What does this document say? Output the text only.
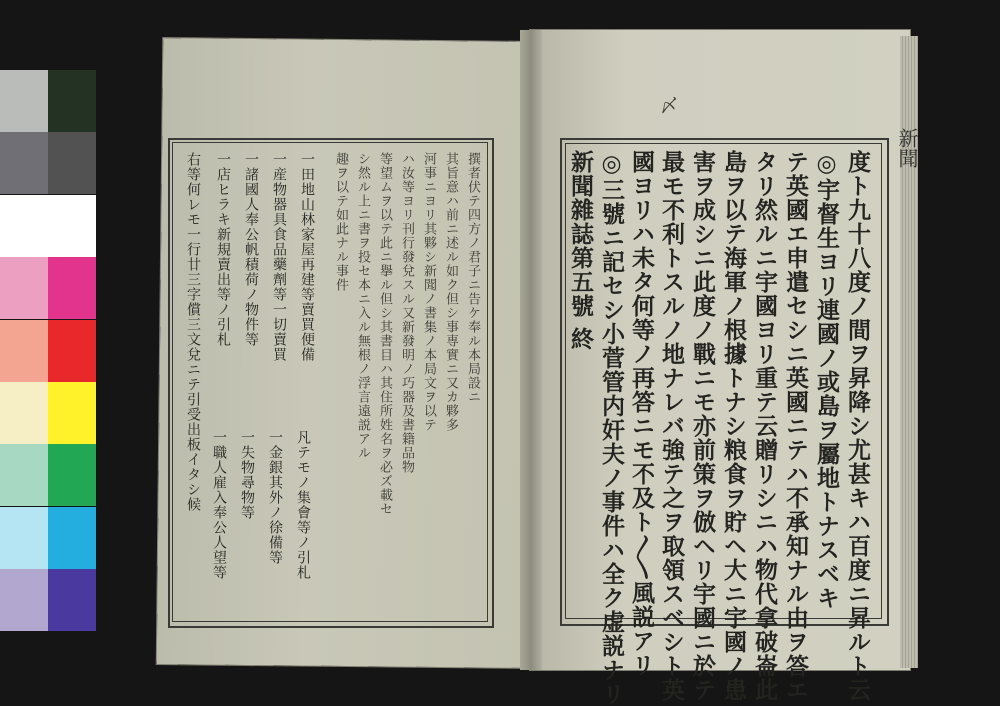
新聞
〆
度ト九十八度ノ間ヲ昇降シ尤甚キハ百度ニ昇ルト云
◎宇督生ヨリ連國ノ或島ヲ屬地トナスベキ
テ英國エ申遣セシニ英國ニテハ不承知ナル由ヲ答エ
タリ然ルニ宇國ヨリ重テ云贈リシニハ物代拿破崙此
島ヲ以テ海軍ノ根據トナシ粮食ヲ貯ヘ大ニ宇國ノ患
害ヲ成シニ此度ノ戰ニモ亦前策ヲ倣ヘリ宇國ニ於テ
最モ不利トスルノ地ナレバ強テ之ヲ取領スベシト英
國ヨリハ未タ何等ノ再答ニモ不及ト〳〵風説アリ
◎三號ニ記セシ小菅管内奸夫ノ事件ハ全ク虚説ナリ
新聞雜誌第五號 終
撰者伏テ四方ノ君子ニ告ケ奉ル本局設ニ
其旨意ハ前ニ述ル如ク但シ事専實ニ又カ夥多
河事ニヨリ其夥シ新聞ノ書集ノ本局文ヲ以テ
ハ汝等ヨリ刊行發兌スル又新發明ノ巧器及書籍品物
等望ムヲ以テ此ニ擧ル但シ其書目ハ其住所姓名ヲ必ズ載セ
シ然ル上ニ書ヲ投セ本ニ入ル無根ノ浮言遠説アル
趣ヲ以テ如此ナル事件
一田地山林家屋再建等賣買便備
一産物器具食品藥劑等一切賣買
一諸國人奉公帆積荷ノ物件等
一店ヒラキ新規賣出等ノ引札
右等何レモ一行廿三字償三文兌ニテ引受出板イタシ候	凡テモノ集會等ノ引札
一金銀其外ノ徐備等
一失物尋物等
一職人雇入奉公人望等
